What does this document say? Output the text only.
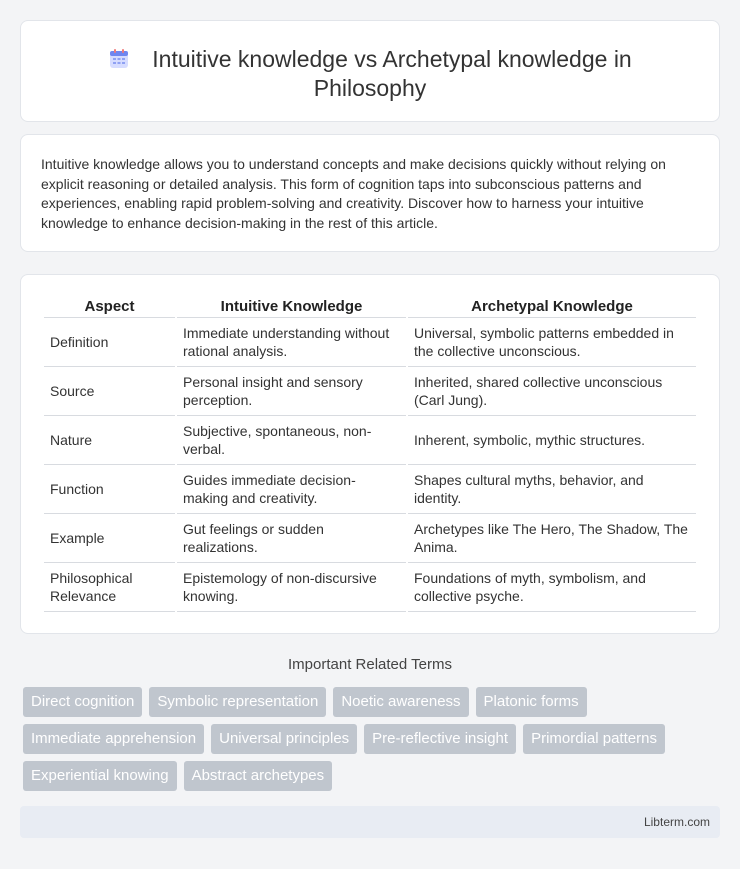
Intuitive knowledge vs Archetypal knowledge in Philosophy

Intuitive knowledge allows you to understand concepts and make decisions quickly without relying on explicit reasoning or detailed analysis. This form of cognition taps into subconscious patterns and experiences, enabling rapid problem-solving and creativity. Discover how to harness your intuitive knowledge to enhance decision-making in the rest of this article.

Aspect	Intuitive Knowledge	Archetypal Knowledge
Definition	Immediate understanding without rational analysis.	Universal, symbolic patterns embedded in the collective unconscious.
Source	Personal insight and sensory perception.	Inherited, shared collective unconscious (Carl Jung).
Nature	Subjective, spontaneous, non-verbal.	Inherent, symbolic, mythic structures.
Function	Guides immediate decision-making and creativity.	Shapes cultural myths, behavior, and identity.
Example	Gut feelings or sudden realizations.	Archetypes like The Hero, The Shadow, The Anima.
Philosophical Relevance	Epistemology of non-discursive knowing.	Foundations of myth, symbolism, and collective psyche.
Important Related Terms
Direct cognition	Symbolic representation	Noetic awareness	Platonic forms
Immediate apprehension	Universal principles	Pre-reflective insight	Primordial patterns
Experiential knowing	Abstract archetypes
Libterm.com
